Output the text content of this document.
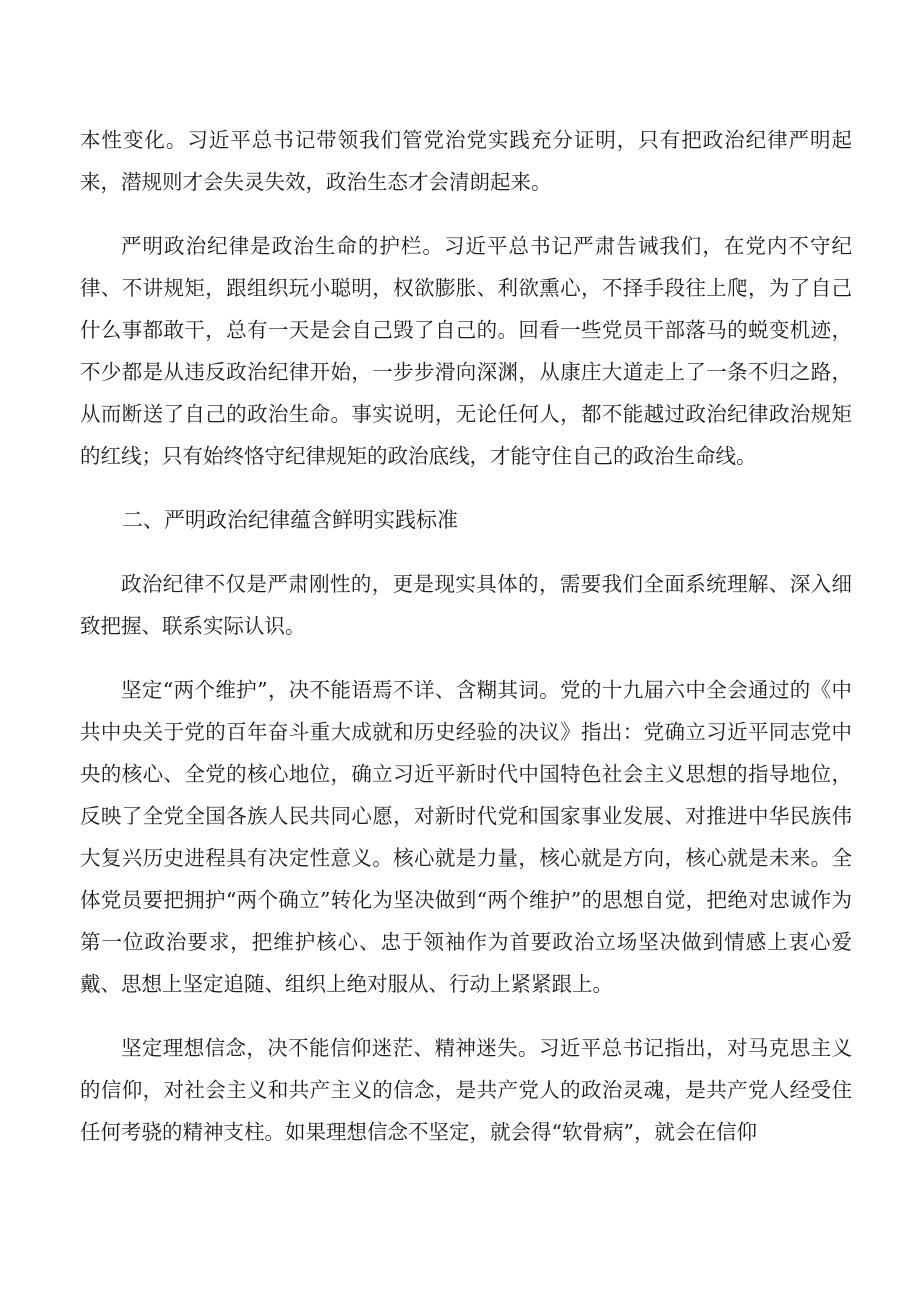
本性变化。习近平总书记带领我们管党治党实践充分证明，只有把政治纪律严明起来，潜规则才会失灵失效，政治生态才会清朗起来。

严明政治纪律是政治生命的护栏。习近平总书记严肃告诫我们，在党内不守纪律、不讲规矩，跟组织玩小聪明，权欲膨胀、利欲熏心，不择手段往上爬，为了自己什么事都敢干，总有一天是会自己毁了自己的。回看一些党员干部落马的蜕变机迹，不少都是从违反政治纪律开始，一步步滑向深渊，从康庄大道走上了一条不归之路，从而断送了自己的政治生命。事实说明，无论任何人，都不能越过政治纪律政治规矩的红线；只有始终恪守纪律规矩的政治底线，才能守住自己的政治生命线。

二、严明政治纪律蕴含鲜明实践标准

政治纪律不仅是严肃刚性的，更是现实具体的，需要我们全面系统理解、深入细致把握、联系实际认识。

坚定“两个维护”，决不能语焉不详、含糊其词。党的十九届六中全会通过的《中共中央关于党的百年奋斗重大成就和历史经验的决议》指出：党确立习近平同志党中央的核心、全党的核心地位，确立习近平新时代中国特色社会主义思想的指导地位，反映了全党全国各族人民共同心愿，对新时代党和国家事业发展、对推进中华民族伟大复兴历史进程具有决定性意义。核心就是力量，核心就是方向，核心就是未来。全体党员要把拥护“两个确立”转化为坚决做到“两个维护”的思想自觉，把绝对忠诚作为第一位政治要求，把维护核心、忠于领袖作为首要政治立场坚决做到情感上衷心爱戴、思想上坚定追随、组织上绝对服从、行动上紧紧跟上。

坚定理想信念，决不能信仰迷茫、精神迷失。习近平总书记指出，对马克思主义的信仰，对社会主义和共产主义的信念，是共产党人的政治灵魂，是共产党人经受住任何考骁的精神支柱。如果理想信念不坚定，就会得“软骨病”，就会在信仰
